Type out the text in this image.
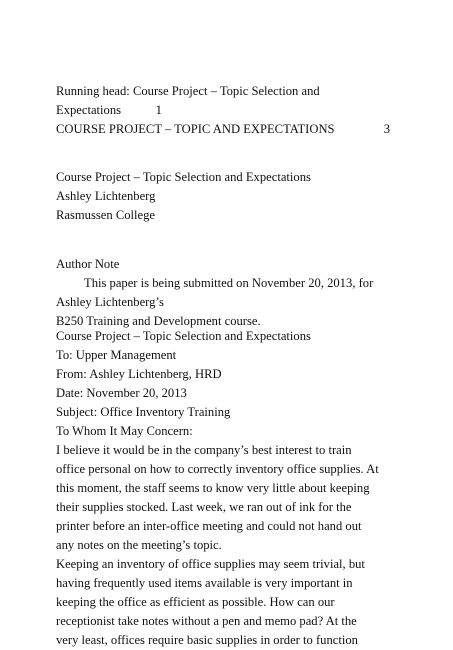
Running head: Course Project – Topic Selection and
Expectations           1
COURSE PROJECT – TOPIC AND EXPECTATIONS	3
Course Project – Topic Selection and Expectations
Ashley Lichtenberg
Rasmussen College
Author Note
This paper is being submitted on November 20, 2013, for
Ashley Lichtenberg’s
B250 Training and Development course.
Course Project – Topic Selection and Expectations
To: Upper Management
From: Ashley Lichtenberg, HRD
Date: November 20, 2013
Subject: Office Inventory Training
To Whom It May Concern:
I believe it would be in the company’s best interest to train
office personal on how to correctly inventory office supplies. At
this moment, the staff seems to know very little about keeping
their supplies stocked. Last week, we ran out of ink for the
printer before an inter-office meeting and could not hand out
any notes on the meeting’s topic.
Keeping an inventory of office supplies may seem trivial, but
having frequently used items available is very important in
keeping the office as efficient as possible. How can our
receptionist take notes without a pen and memo pad? At the
very least, offices require basic supplies in order to function
